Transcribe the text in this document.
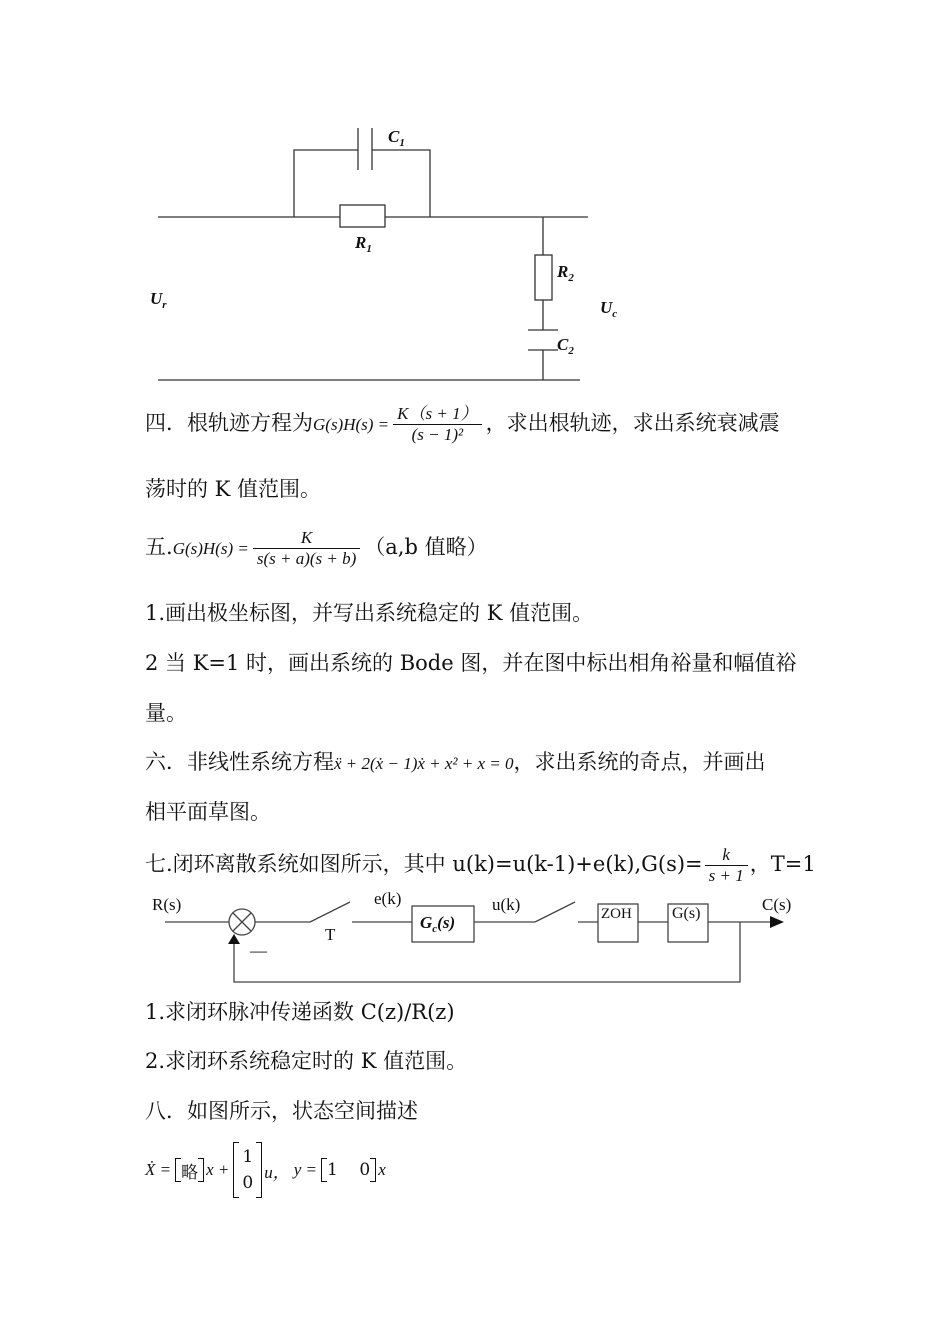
$C_1$
$R_1$
$R_2$
$C_2$
$U_r$	$U_c$
四．根轨迹方程为$G(s)H(s) = \frac{K(s + 1)}{\text{(s − 1)²}}$ ，求出根轨迹，求出系统衰减震
荡时的 K 值范围。
五$.G(s)H(s) = \frac{K}{s(s + a)(s + b)} (a,b$ 值略）
1.画出极坐标图，并写出系统稳定的 K 值范围。
2 当 K=1 时，画出系统的 Bode 图，并在图中标出相角裕量和幅值裕
量。
六．非线性系统方程ẍ + 2(ẋ − 1)ẋ + x² + x = 0，求出系统的奇点，并画出
相平面草图。
七.闭环离散系统如图所示，其中 $u(k)=u(k-1)+e(k),G(s)= \frac{k}{s + 1}$ ，T=1
R(s)
—
T
e(k)
$G_c(s)$
u(k)	ZOH	G(s)	C(s)
1.求闭环脉冲传递函数 C(z)/R(z)
2.求闭环系统稳定时的 K 值范围。
八．如图所示，状态空间描述
Ẋ = 略 x +
1
0
u， y = 1    0 x
